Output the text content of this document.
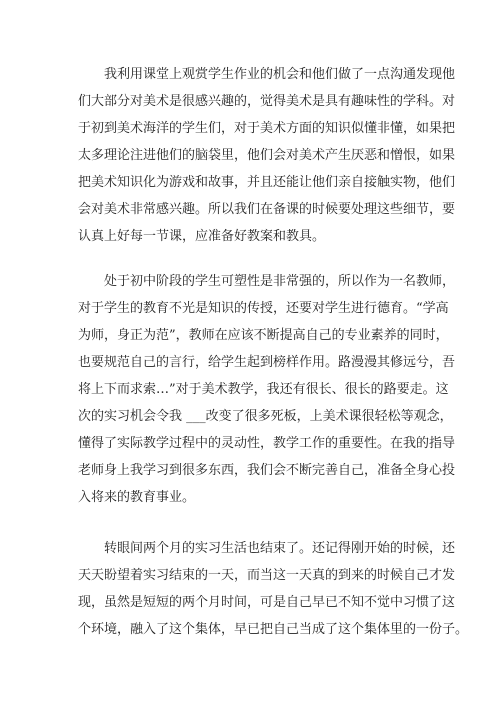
我利用课堂上观赏学生作业的机会和他们做了一点沟通发现他
们大部分对美术是很感兴趣的，觉得美术是具有趣味性的学科。对
于初到美术海洋的学生们，对于美术方面的知识似懂非懂，如果把
太多理论注进他们的脑袋里，他们会对美术产生厌恶和憎恨，如果
把美术知识化为游戏和故事，并且还能让他们亲自接触实物，他们
会对美术非常感兴趣。所以我们在备课的时候要处理这些细节，要
认真上好每一节课，应准备好教案和教具。
处于初中阶段的学生可塑性是非常强的，所以作为一名教师，
对于学生的教育不光是知识的传授，还要对学生进行德育。“学高
为师，身正为范”，教师在应该不断提高自己的专业素养的同时，
也要规范自己的言行，给学生起到榜样作用。路漫漫其修远兮，吾
将上下而求索…”对于美术教学，我还有很长、很长的路要走。这
次的实习机会令我 ___改变了很多死板，上美术课很轻松等观念，
懂得了实际教学过程中的灵动性，教学工作的重要性。在我的指导
老师身上我学习到很多东西，我们会不断完善自己，准备全身心投
入将来的教育事业。
转眼间两个月的实习生活也结束了。还记得刚开始的时候，还
天天盼望着实习结束的一天，而当这一天真的到来的时候自己才发
现，虽然是短短的两个月时间，可是自己早已不知不觉中习惯了这
个环境，融入了这个集体，早已把自己当成了这个集体里的一份子。
